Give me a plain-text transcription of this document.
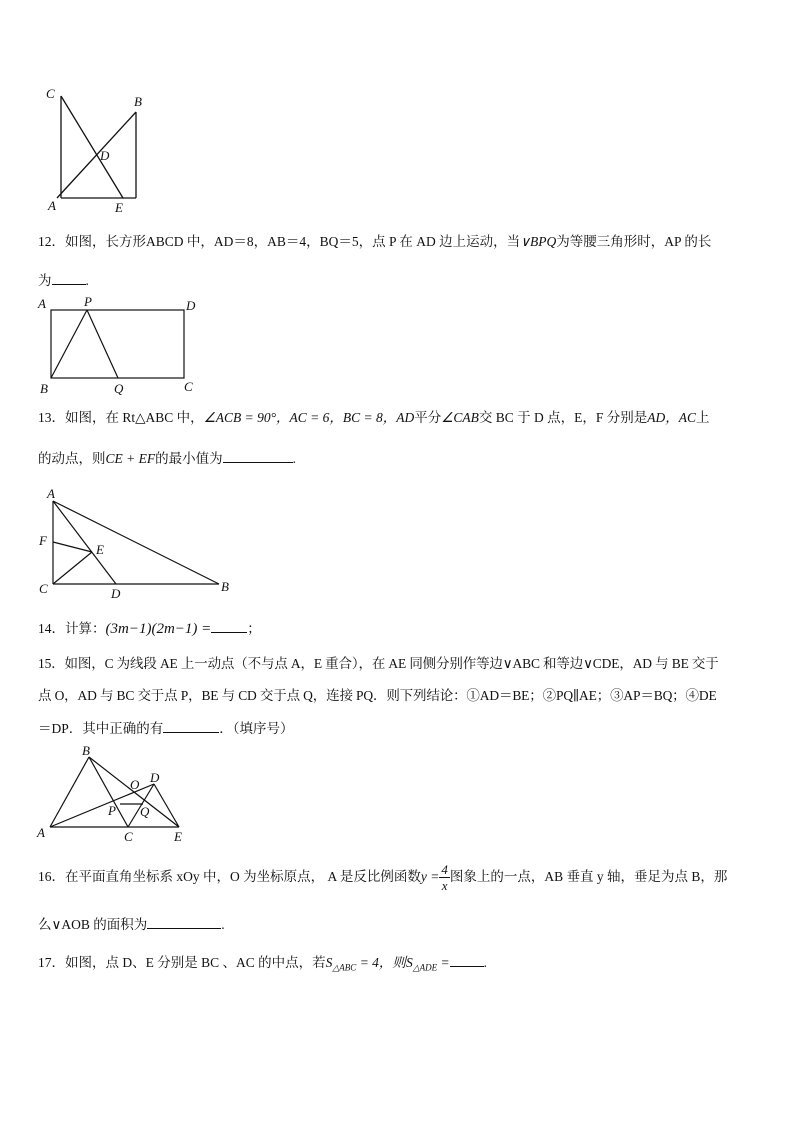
C
B
D
A	E
12．如图，长方形ABCD 中，AD＝8，AB＝4，BQ＝5，点 P 在 AD 边上运动，当∨BPQ为等腰三角形时，AP 的长
为	.
A	P	D
B	Q	C
13．如图，在 Rt△ABC 中，∠ACB = 90°，AC = 6，BC = 8，AD平分∠CAB交 BC 于 D 点，E，F 分别是AD，AC上
的动点，则CE + EF的最小值为	.
A
F
E
C	D	B
14．计算：(3m−1)(2m−1) =	；
15．如图，C 为线段 AE 上一动点（不与点 A，E 重合），在 AE 同侧分别作等边∨ABC 和等边∨CDE，AD 与 BE 交于
点 O，AD 与 BC 交于点 P，BE 与 CD 交于点 Q，连接 PQ．则下列结论：①AD＝BE；②PQ∥AE；③AP＝BQ；④DE
＝DP．其中正确的有	．（填序号）
B
O D
P Q
A	C	E
16．在平面直角坐标系 xOy 中，O 为坐标原点， A 是反比例函数$y = \frac{4}{x}$ 图象上的一点，AB 垂直 y 轴，垂足为点 B，那
么∨AOB 的面积为	.
17．如图，点 D、E 分别是 BC 、AC 的中点，若$S_{\triangle ABC} = 4$，则$S_{\triangle ADE}$ =	.
